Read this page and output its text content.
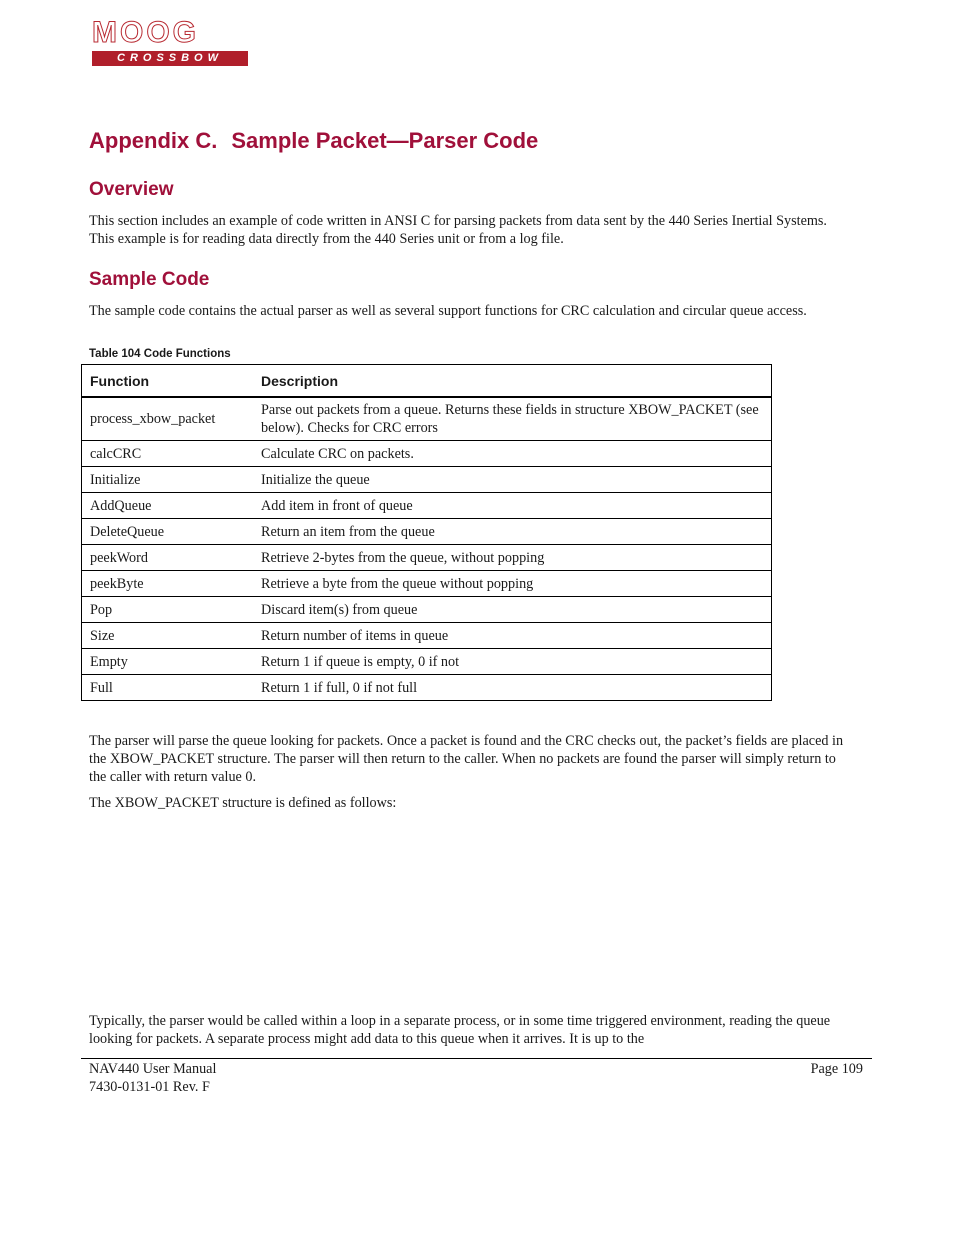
MOOG
CROSSBOW
Appendix C. Sample Packet—Parser Code
Overview

This section includes an example of code written in ANSI C for parsing packets from data sent by the 440 Series Inertial Systems. This example is for reading data directly from the 440 Series unit or from a log file.

Sample Code

The sample code contains the actual parser as well as several support functions for CRC calculation and circular queue access.

Table 104 Code Functions

Function	Description
process_xbow_packet	Parse out packets from a queue. Returns these fields in structure XBOW_PACKET (see below). Checks for CRC errors
calcCRC	Calculate CRC on packets.
Initialize	Initialize the queue
AddQueue	Add item in front of queue
DeleteQueue	Return an item from the queue
peekWord	Retrieve 2-bytes from the queue, without popping
peekByte	Retrieve a byte from the queue without popping
Pop	Discard item(s) from queue
Size	Return number of items in queue
Empty	Return 1 if queue is empty, 0 if not
Full	Return 1 if full, 0 if not full

The parser will parse the queue looking for packets. Once a packet is found and the CRC checks out, the packet’s fields are placed in the XBOW_PACKET structure. The parser will then return to the caller. When no packets are found the parser will simply return to the caller with return value 0.

The XBOW_PACKET structure is defined as follows:

Typically, the parser would be called within a loop in a separate process, or in some time triggered environment, reading the queue looking for packets. A separate process might add data to this queue when it arrives. It is up to the

NAV440 User Manual

7430-0131-01 Rev. F

Page 109
